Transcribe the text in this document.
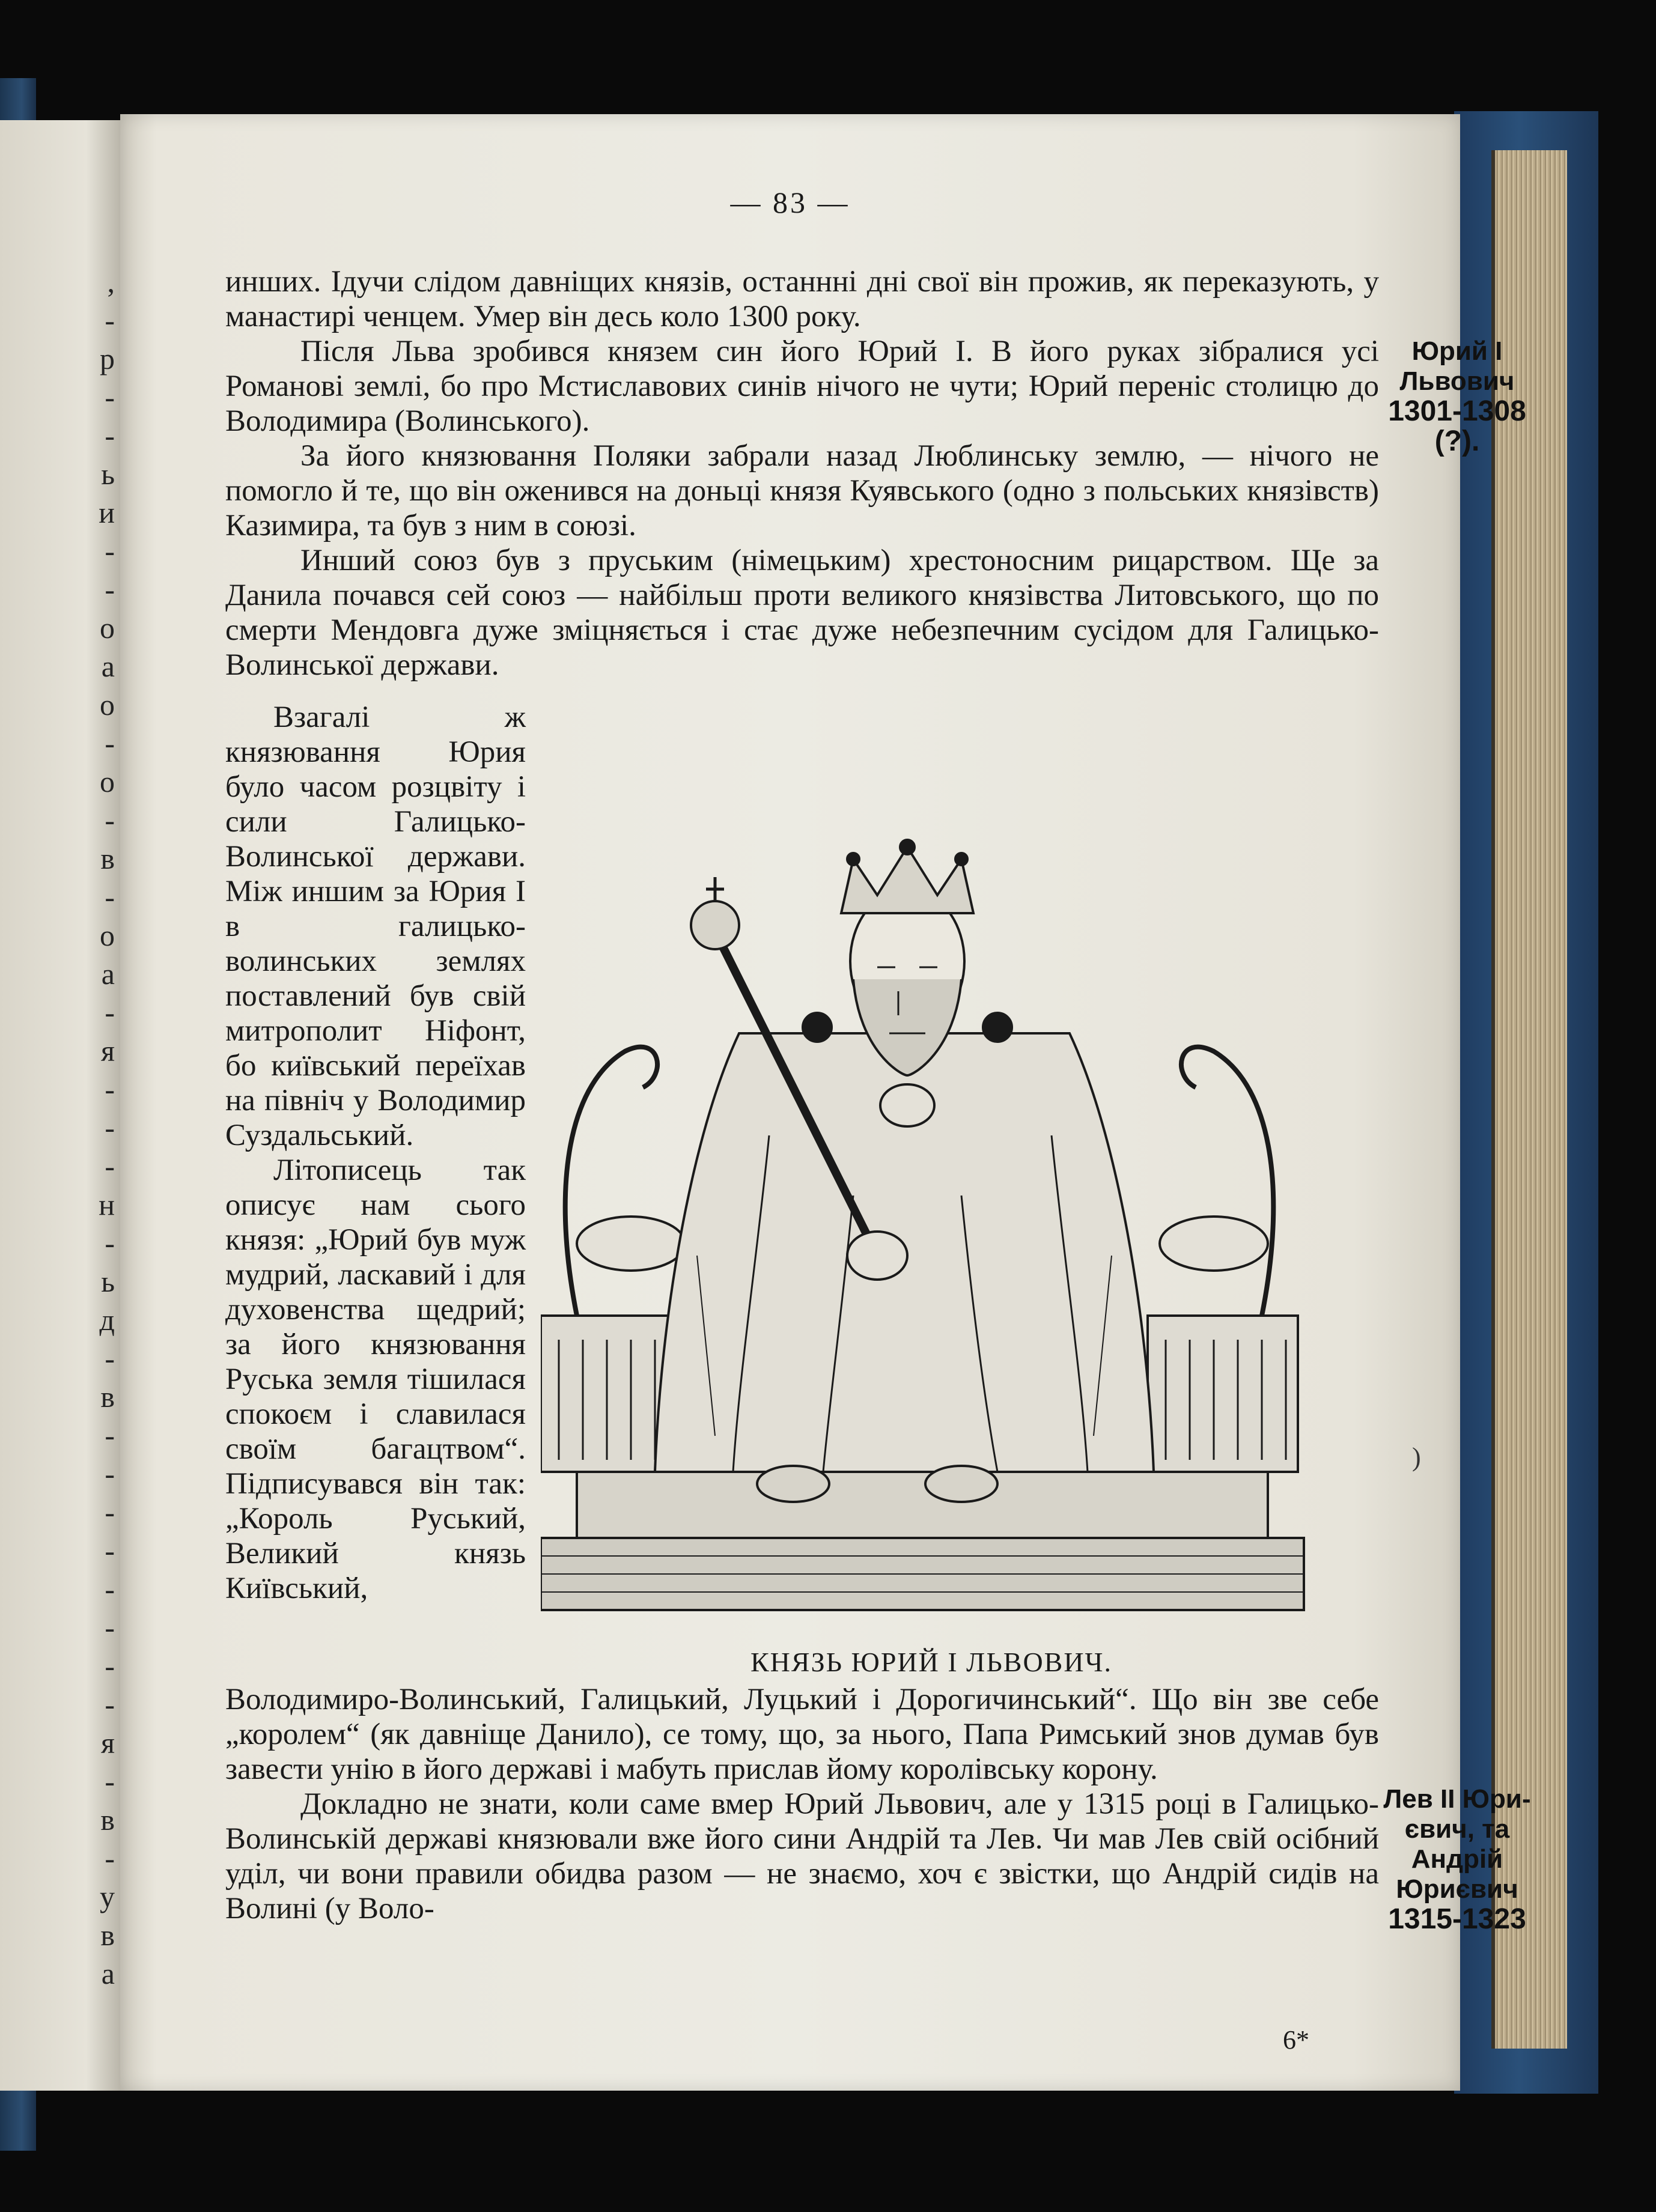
,
-
р
-
-
ь
и
-
-
о
а
о
-
о
-
в
-
о
а
-
я
-
-
-
н
-
ь
д
-
в
-
-
-
-
-
-
-
-
я
-
в
-
у
в
а
— 83 —

инших. Ідучи слідом давніщих князів, останнні дні свої він прожив, як переказують, у манастирі ченцем. Умер він десь коло 1300 року.

Після Льва зробився князем син його Юрий І. В його руках зібралися усі Романові землі, бо про Мстиславових синів нічого не чути; Юрий переніс столицю до Володимира (Волинського).

За його князювання Поляки забрали назад Люблинську землю, — нічого не помогло й те, що він оженився на доньці князя Куявського (одно з польських князівств) Казимира, та був з ним в союзі.

Инший союз був з пруським (німецьким) хрестоносним рицарством. Ще за Данила почався сей союз — найбільш проти великого князівства Литовського, що по смерти Мендовга дуже зміцняється і стає дуже небезпечним сусідом для Галицько-Волинської держави.

Юрий І
Львович
1301-1308
(?).

Взагалі ж князювання Юрия було часом розцвіту і сили Галицько-Волинської держави. Між иншим за Юрия І в галицько-волинських землях поставлений був свій митрополит Ніфонт, бо київський переїхав на північ у Володимир Суздальський.

Літописець так описує нам сього князя: „Юрий був муж мудрий, ласкавий і для духовенства щедрий; за його князювання Руська земля тішилася спокоєм і славилася своїм багацтвом“. Підписувався він так: „Король Руський, Великий князь Київський,

КНЯЗЬ ЮРИЙ І ЛЬВОВИЧ.

Володимиро-Волинський, Галицький, Луцький і Дорогичинський“. Що він зве себе „королем“ (як давніще Данило), се тому, що, за нього, Папа Римський знов думав був завести унію в його державі і мабуть прислав йому королівську корону.

Докладно не знати, коли саме вмер Юрий Львович, але у 1315 році в Галицько-Волинській державі князювали вже його сини Андрій та Лев. Чи мав Лев свій осібний уділ, чи вони правили обидва разом — не знаємо, хоч є звістки, що Андрій сидів на Волині (у Воло-

Лев II Юри-
євич, та
Андрій
Юриєвич
1315-1323
)
6*
